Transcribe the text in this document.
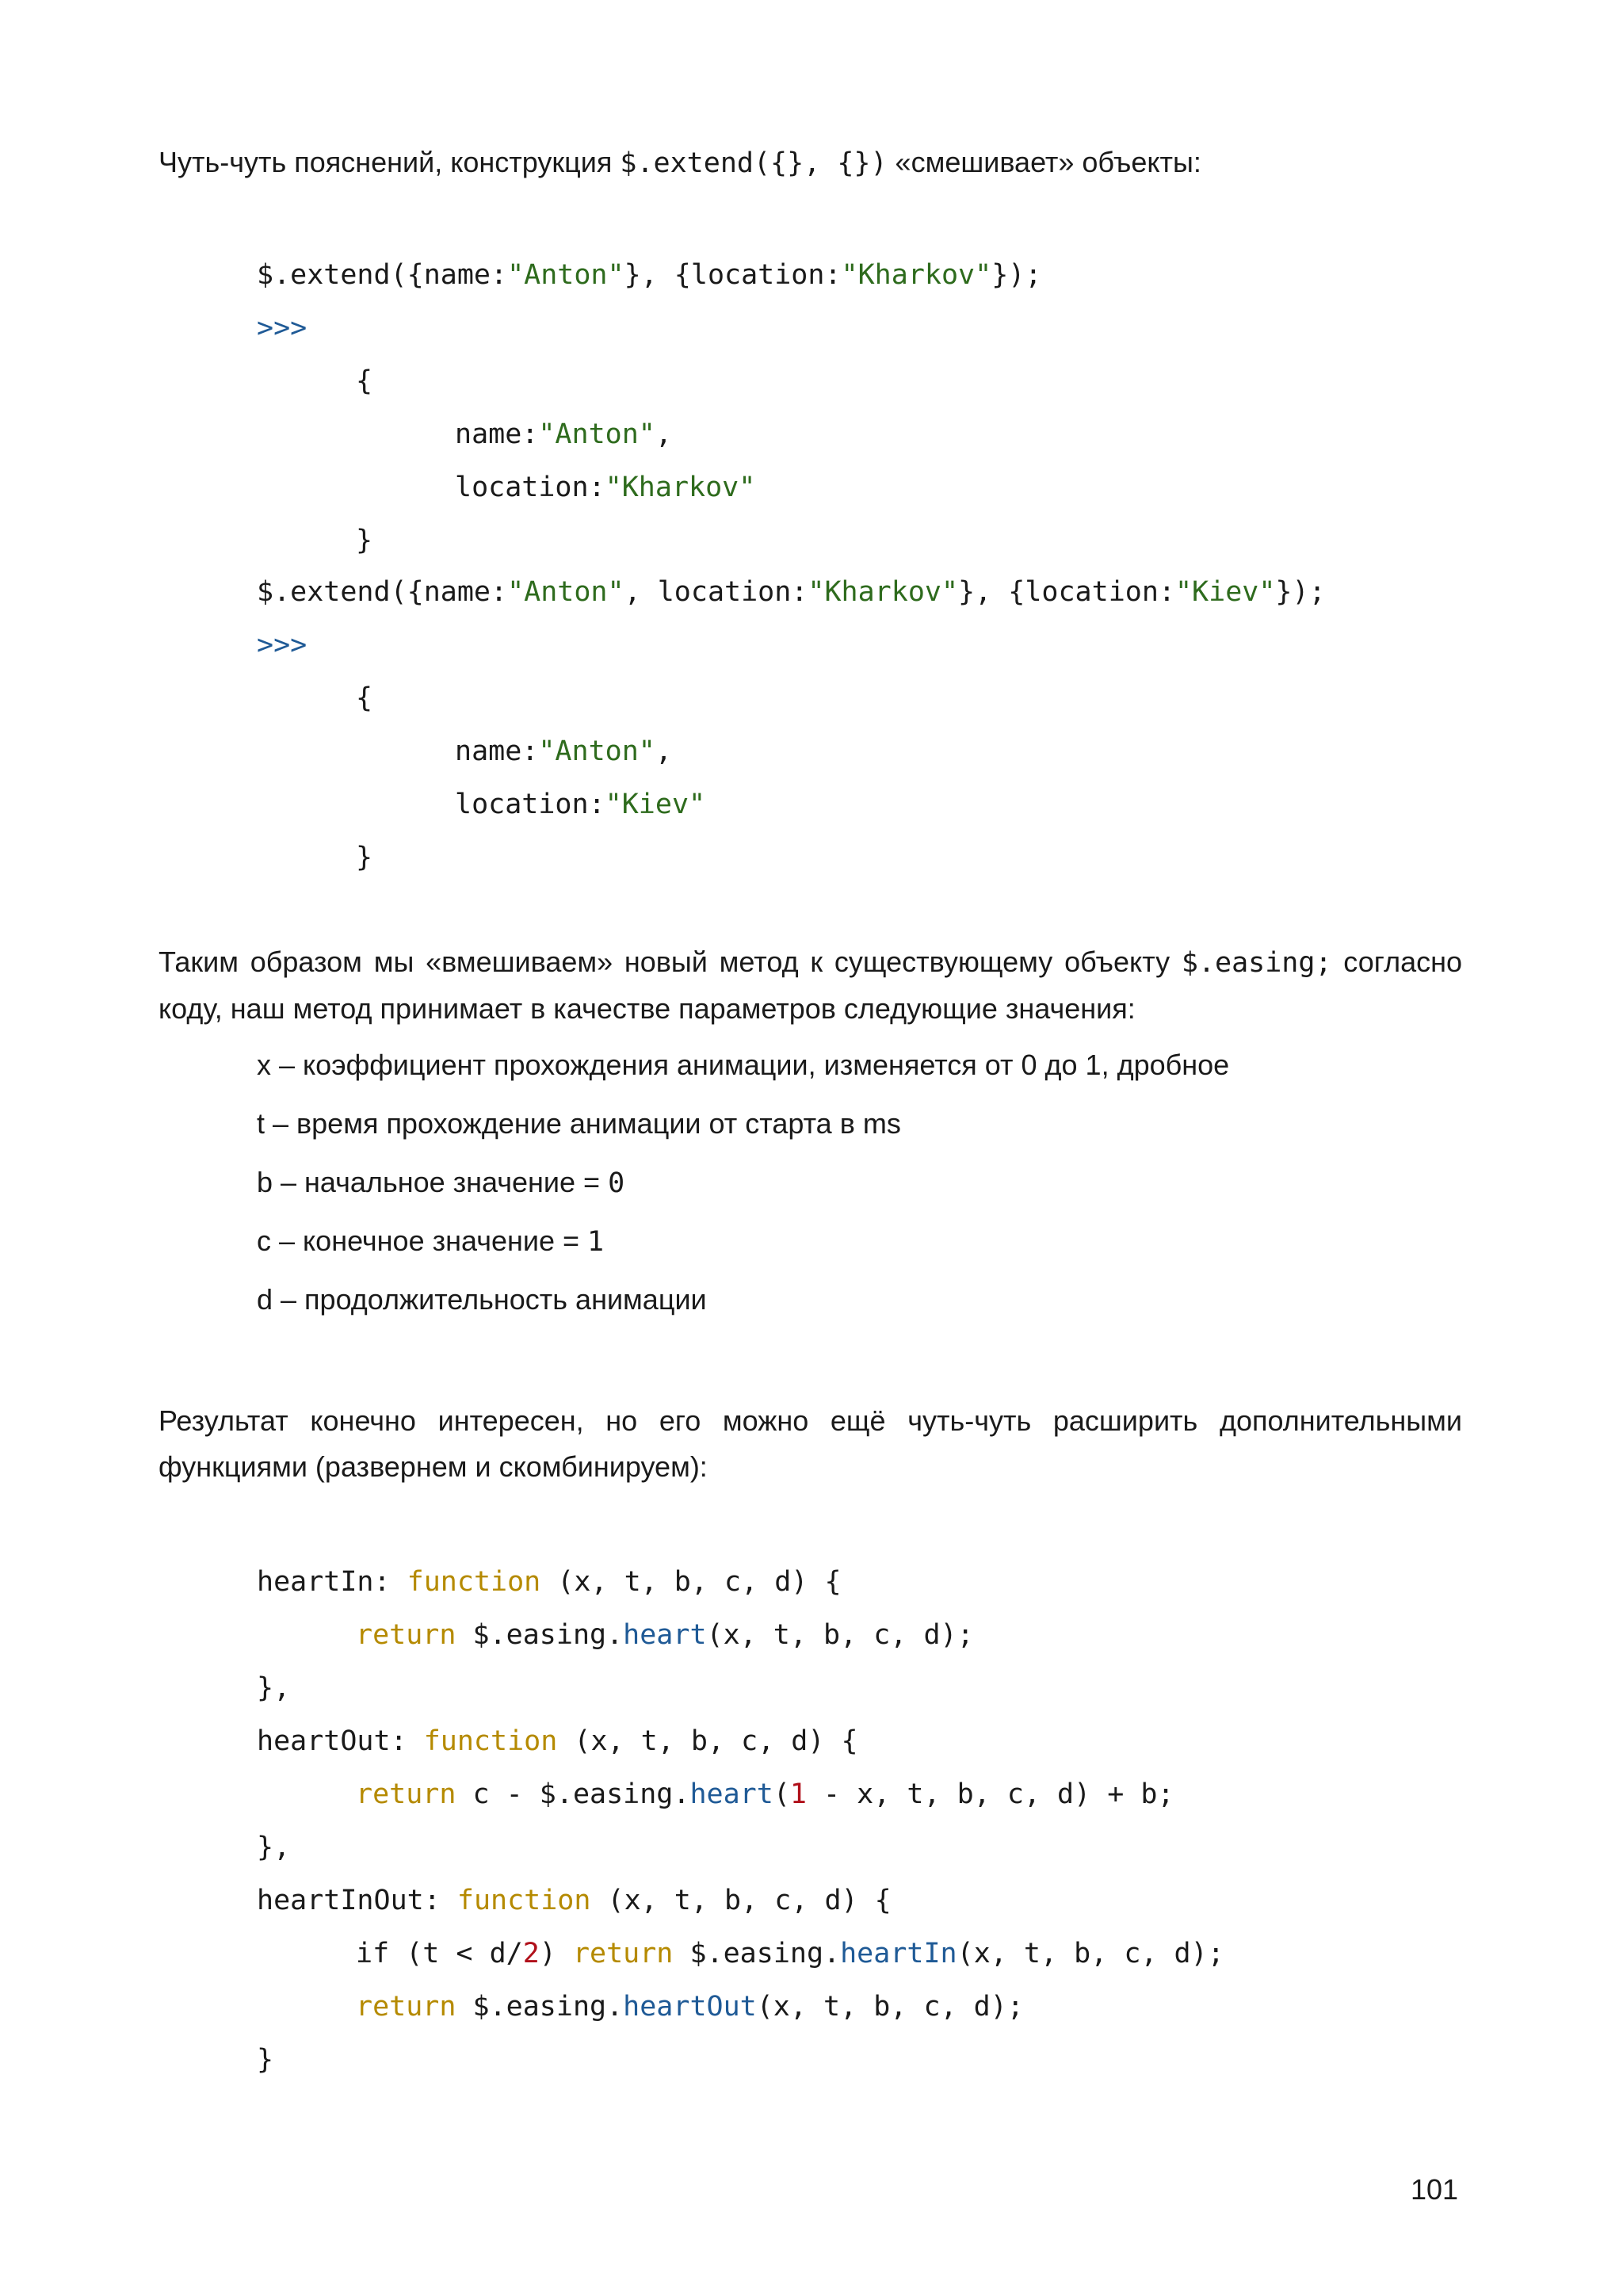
Чуть-чуть пояснений, конструкция $.extend({}, {}) «смешивает» объекты:
$.extend({name:"Anton"}, {location:"Kharkov"});
>>>
{
name:"Anton",
location:"Kharkov"
}
$.extend({name:"Anton", location:"Kharkov"}, {location:"Kiev"});
>>>
{
name:"Anton",
location:"Kiev"
}
Таким образом мы «вмешиваем» новый метод к существующему объекту $.easing; согласно коду, наш метод принимает в качестве параметров следующие значения:
x – коэффициент прохождения анимации, изменяется от 0 до 1, дробное
t – время прохождение анимации от старта в ms
b – начальное значение = 0
c – конечное значение = 1
d – продолжительность анимации
Результат конечно интересен, но его можно ещё чуть-чуть расширить дополнительными функциями (развернем и скомбинируем):
heartIn: function (x, t, b, c, d) {
return $.easing.heart(x, t, b, c, d);
},
heartOut: function (x, t, b, c, d) {
return c - $.easing.heart(1 - x, t, b, c, d) + b;
},
heartInOut: function (x, t, b, c, d) {
if (t < d/2) return $.easing.heartIn(x, t, b, c, d);
return $.easing.heartOut(x, t, b, c, d);
}
101
